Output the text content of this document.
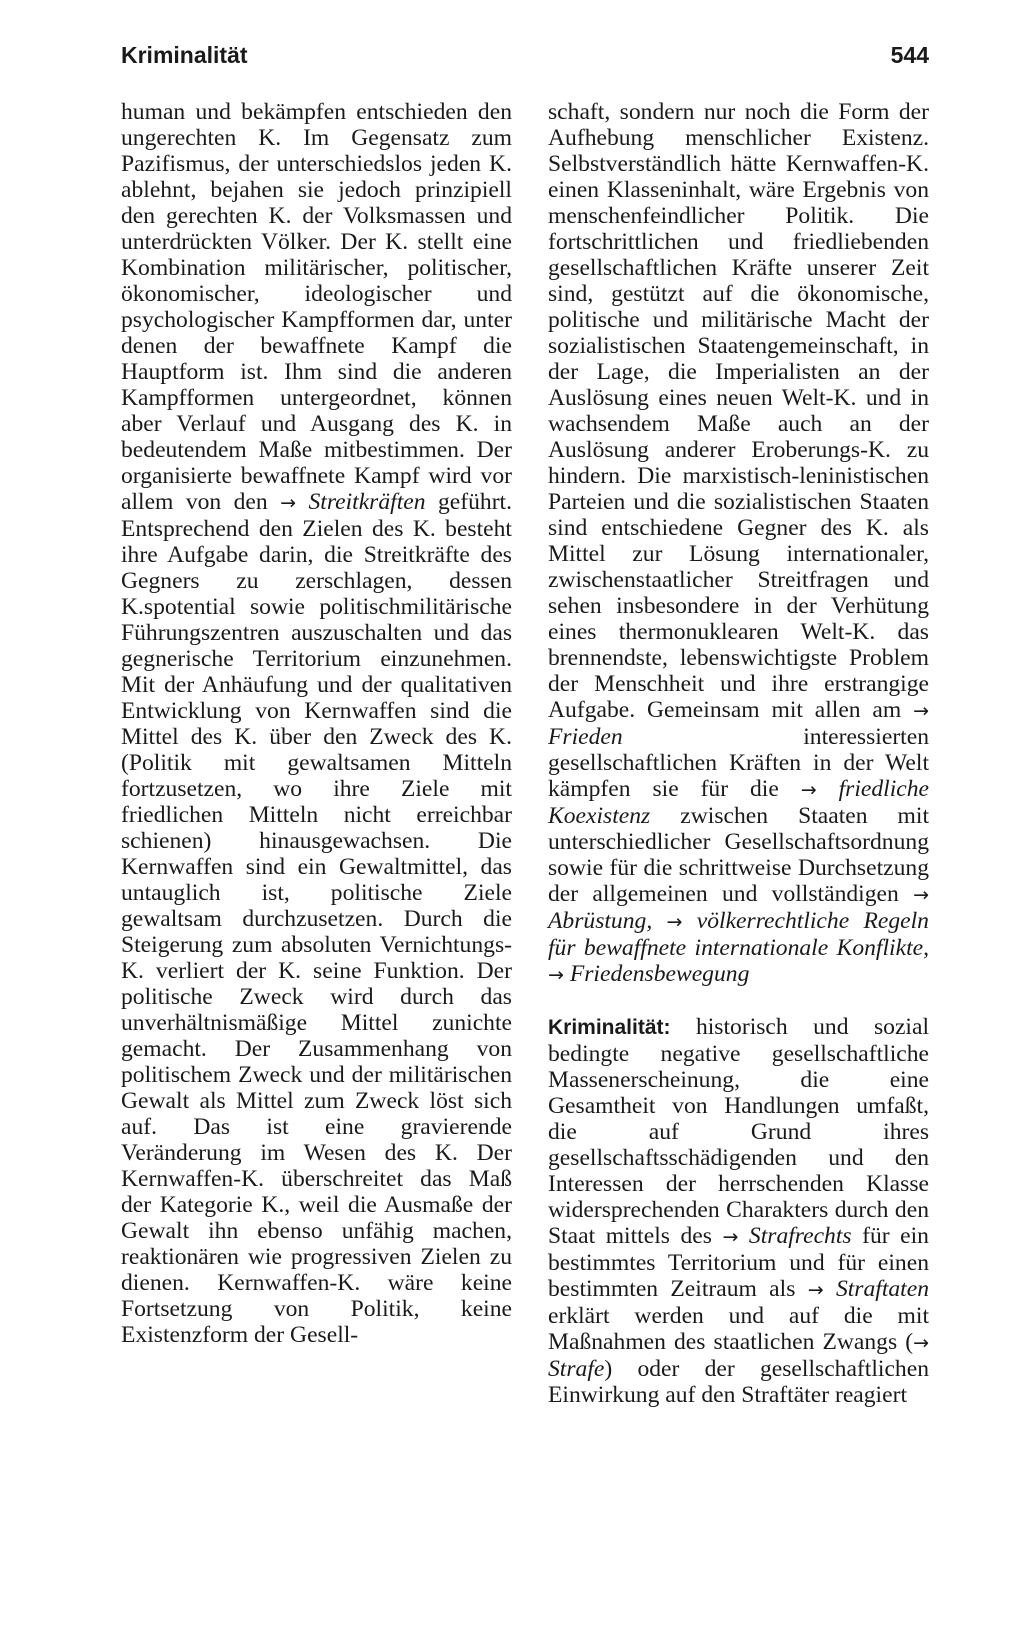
Kriminalität	544

human und bekämpfen entschieden den ungerechten K. Im Gegensatz zum Pazifismus, der unterschiedslos jeden K. ablehnt, bejahen sie jedoch prinzipiell den gerechten K. der Volksmassen und unterdrückten Völker. Der K. stellt eine Kombination militärischer, politischer, ökonomischer, ideologischer und psychologischer Kampfformen dar, unter denen der bewaffnete Kampf die Hauptform ist. Ihm sind die anderen Kampfformen untergeordnet, können aber Verlauf und Ausgang des K. in bedeutendem Maße mitbestimmen. Der organisierte bewaffnete Kampf wird vor allem von den → Streitkräften geführt. Entsprechend den Zielen des K. besteht ihre Aufgabe darin, die Streitkräfte des Gegners zu zerschlagen, dessen K.spotential sowie politischmilitärische Führungszentren auszuschalten und das gegnerische Territorium einzunehmen. Mit der Anhäufung und der qualitativen Entwicklung von Kernwaffen sind die Mittel des K. über den Zweck des K. (Politik mit gewaltsamen Mitteln fortzusetzen, wo ihre Ziele mit friedlichen Mitteln nicht erreichbar schienen) hinausgewachsen. Die Kernwaffen sind ein Gewaltmittel, das untauglich ist, politische Ziele gewaltsam durchzusetzen. Durch die Steigerung zum absoluten Vernichtungs-K. verliert der K. seine Funktion. Der politische Zweck wird durch das unverhältnismäßige Mittel zunichte gemacht. Der Zusammenhang von politischem Zweck und der militärischen Gewalt als Mittel zum Zweck löst sich auf. Das ist eine gravierende Veränderung im Wesen des K. Der Kernwaffen-K. überschreitet das Maß der Kategorie K., weil die Ausmaße der Gewalt ihn ebenso unfähig machen, reaktionären wie progressiven Zielen zu dienen. Kernwaffen-K. wäre keine Fortsetzung von Politik, keine Existenzform der Gesell-

schaft, sondern nur noch die Form der Aufhebung menschlicher Existenz. Selbstverständlich hätte Kernwaffen-K. einen Klasseninhalt, wäre Ergebnis von menschenfeindlicher Politik. Die fortschrittlichen und friedliebenden gesellschaftlichen Kräfte unserer Zeit sind, gestützt auf die ökonomische, politische und militärische Macht der sozialistischen Staatengemeinschaft, in der Lage, die Imperialisten an der Auslösung eines neuen Welt-K. und in wachsendem Maße auch an der Auslösung anderer Eroberungs-K. zu hindern. Die marxistisch-leninistischen Parteien und die sozialistischen Staaten sind entschiedene Gegner des K. als Mittel zur Lösung internationaler, zwischenstaatlicher Streitfragen und sehen insbesondere in der Verhütung eines thermonuklearen Welt-K. das brennendste, lebenswichtigste Problem der Menschheit und ihre erstrangige Aufgabe. Gemeinsam mit allen am → Frieden	interessierten gesellschaftlichen Kräften in der Welt kämpfen sie für die → friedliche Koexistenz zwischen Staaten mit unterschiedlicher Gesellschaftsordnung sowie für die schrittweise Durchsetzung der allgemeinen und vollständigen → Abrüstung, → völkerrechtliche Regeln für bewaffnete internationale Konflikte, → Friedensbewegung

Kriminalität: historisch und sozial bedingte negative gesellschaftliche Massenerscheinung, die eine Gesamtheit von Handlungen umfaßt, die auf Grund ihres gesellschaftsschädigenden und den Interessen der herrschenden Klasse widersprechenden Charakters durch den Staat mittels des → Strafrechts für ein bestimmtes Territorium und für einen bestimmten Zeitraum als → Straftaten erklärt werden und auf die mit Maßnahmen des staatlichen Zwangs (→ Strafe) oder der gesellschaftlichen Einwirkung auf den Straftäter reagiert
